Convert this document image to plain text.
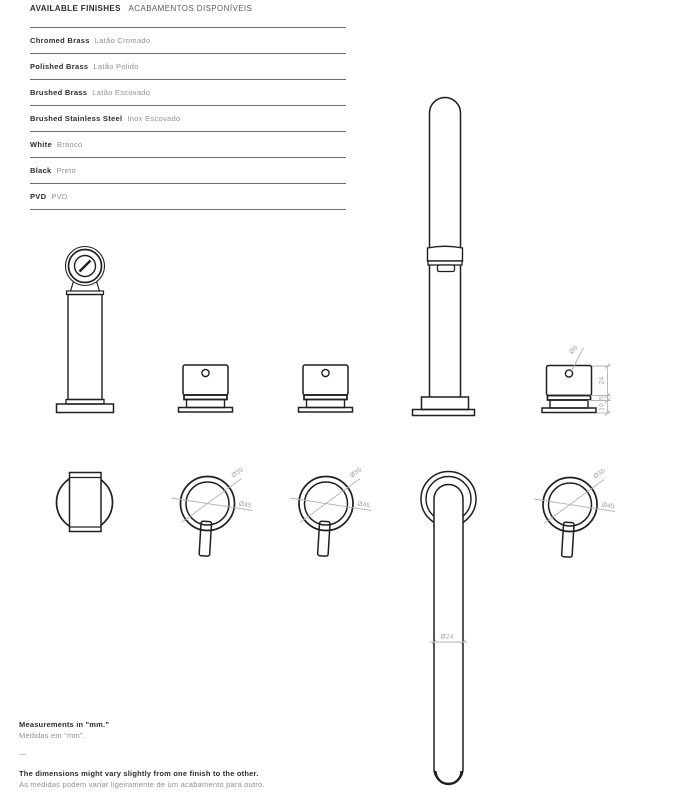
AVAILABLE FINISHES ACABAMENTOS DISPONÍVEIS
Chromed Brass Latão Cromado
Polished Brass Latão Polido
Brushed Brass Latão Escovado
Brushed Stainless Steel Inox Escovado
White Branco
Black Preto
PVD PVD
Ø6
24
5
10
Ø35
Ø45
Ø35
Ø45
Ø24
Ø35
Ø45
Measurements in "mm."
Medidas em "mm".
—
The dimensions might vary slightly from one finish to the other.
As medidas podem variar ligeiramente de um acabamento para outro.
